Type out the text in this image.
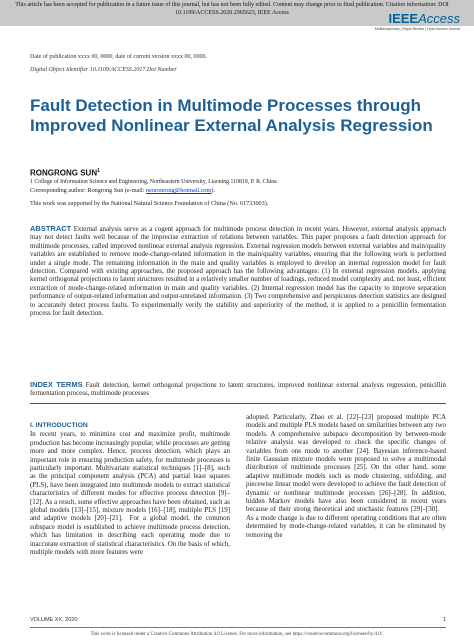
This article has been accepted for publication in a future issue of this journal, but has not been fully edited. Content may change prior to final publication. Citation information: DOI
10.1109/ACCESS.2020.2965623, IEEE Access	IEEEAccess
Multidisciplinary | Rapid Review | Open Access Journal
Date of publication xxxx 00, 0000, date of current version xxxx 00, 0000.
Digital Object Identifier 10.1109/ACCESS.2017.Doi Number
Fault Detection in Multimode Processes through Improved Nonlinear External Analysis Regression
RONGRONG SUN$^1$
1 College of Information Science and Engineering, Northeastern University, Liaoning 110819, P. R. China
Corresponding author: Rongrong Sun (e-mail: neuronrong@hotmail.com).
This work was supported by the National Natural Science Foundation of China (No. 61733003).
ABSTRACT External analysis serve as a cogent approach for multimode process detection in recent years. However, external analysis approach may not detect faults well because of the imprecise extraction of relations between variables. This paper proposes a fault detection approach for multimode processes, called improved nonlinear external analysis regression. External regression models between external variables and main/quality variables are established to remove mode-change-related information in the main/quality variables, ensuring that the following work is performed under a single mode. The remaining information in the main and quality variables is employed to develop an internal regression model for fault detection. Compared with existing approaches, the proposed approach has the following advantages: (1) In external regression models, applying kernel orthogonal projections to latent structures resulted in a relatively smaller number of loadings, reduced model complexity and, not least, efficient extraction of mode-change-related information in main and quality variables. (2) Internal regression model has the capacity to improve separation performance of output-related information and output-unrelated information. (3) Two comprehensive and perspicuous detection statistics are designed to accurately detect process faults. To experimentally verify the stability and superiority of the method, it is applied to a penicillin fermentation process for fault detection.
INDEX TERMS Fault detection, kernel orthogonal projections to latent structures, improved nonlinear external analysis regression, penicillin fermentation process, multimode processes
I. INTRODUCTION
In recent years, to minimize cost and maximize profit, multimode production has become increasingly popular, while processes are getting more and more complex. Hence, process detection, which plays an important role in ensuring production safety, for multimode processes is particularly important. Multivariate statistical techniques [1]–[8], such as the principal component analysis (PCA) and partial least squares (PLS), have been integrated into multimode models to extract statistical characteristics of different modes for effective process detection [9]–[12]. As a result, some effective approaches have been obtained, such as global models [13]–[15], mixture models [16]–[18], multiple PLS [19] and adaptive models [20]–[21]. For a global model, the common subspace model is established to achieve multimode process detection, which has limitation in describing each operating mode due to inaccurate extraction of statistical characteristics. On the basis of which, multiple models with more features were
adopted. Particularly, Zhao et al. [22]–[23] proposed multiple PCA models and multiple PLS models based on similarities between any two models. A comprehensive subspace decomposition by between-mode relative analysis was developed to check the specific changes of variables from one mode to another [24]. Bayesian inference-based finite Gaussian mixture models were proposed to solve a multimodal distribution of multimode processes [25]. On the other hand, some adaptive multimode models such as mode clustering, unfolding, and piecewise linear model were developed to achieve the fault detection of dynamic or nonlinear multimode processes [26]–[28]. In addition, hidden Markov models have also been considered in recent years because of their strong theoretical and stochastic features [29]–[30]. As a mode change is due to different operating conditions that are often determined by mode-change-related variables, it can be eliminated by removing the
VOLUME XX, 2020	1
This work is licensed under a Creative Commons Attribution 4.0 License. For more information, see https://creativecommons.org/licenses/by/4.0/.
